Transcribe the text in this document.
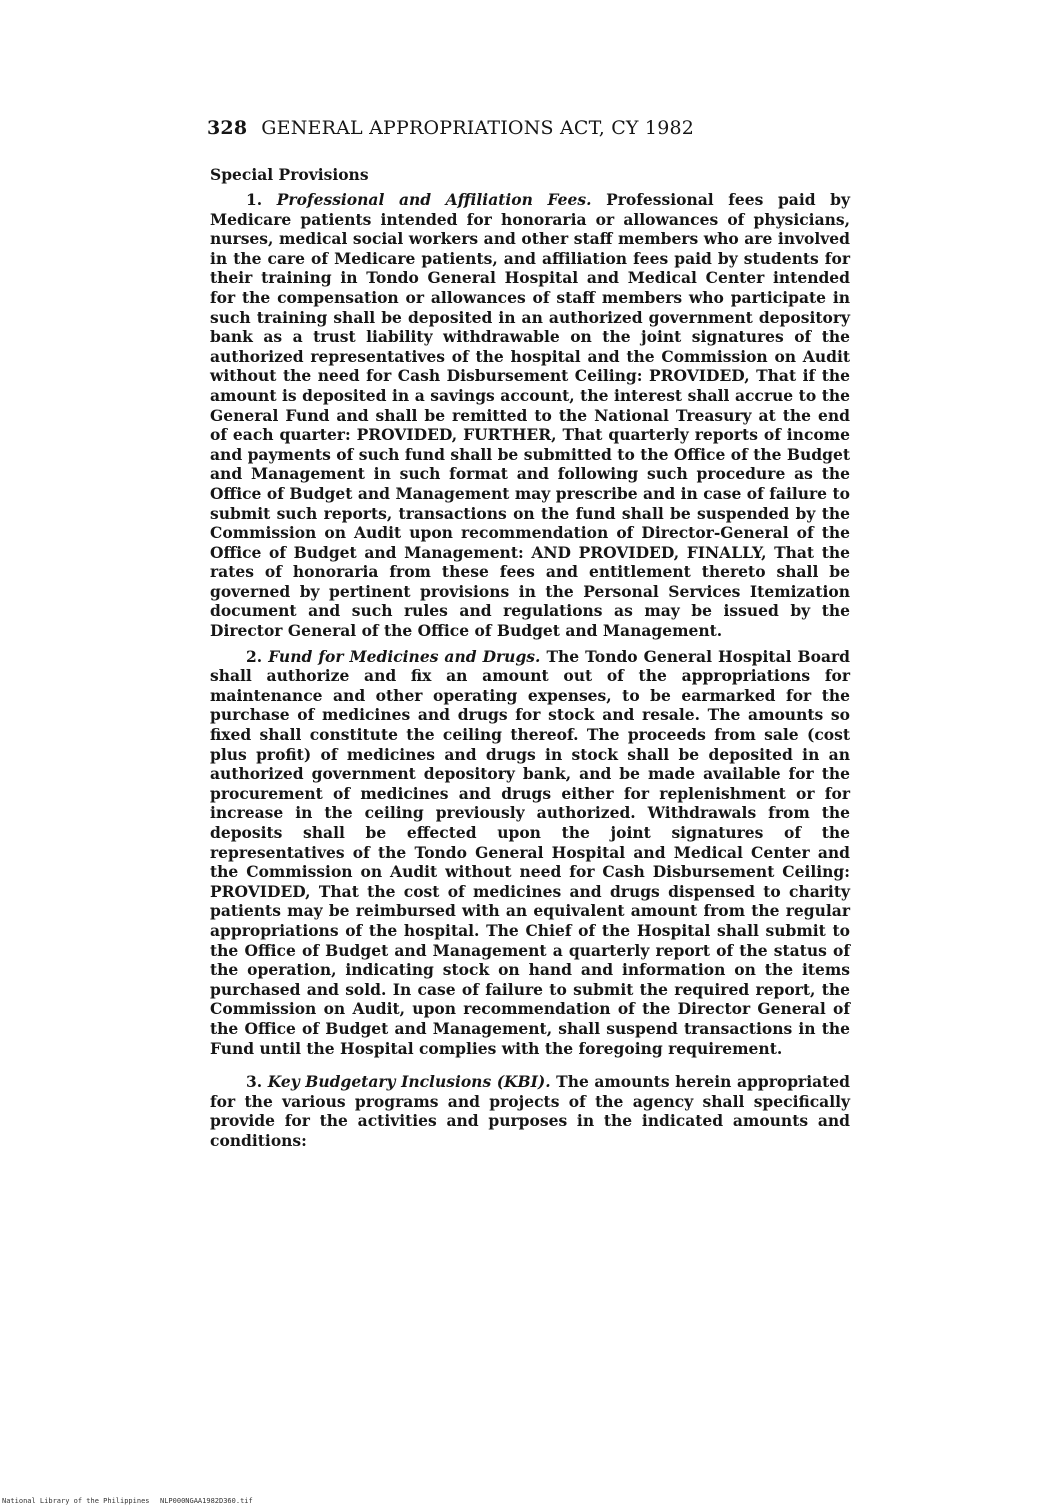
328 GENERAL APPROPRIATIONS ACT, CY 1982
Special Provisions

1. Professional and Affiliation Fees. Professional fees paid by Medicare patients intended for honoraria or allowances of physicians, nurses, medical social workers and other staff members who are involved in the care of Medicare patients, and affiliation fees paid by students for their training in Tondo General Hospital and Medical Center intended for the compensation or allowances of staff members who participate in such training shall be deposited in an authorized government depository bank as a trust liability withdrawable on the joint signatures of the authorized representatives of the hospital and the Commission on Audit without the need for Cash Disbursement Ceiling: PROVIDED, That if the amount is deposited in a savings account, the interest shall accrue to the General Fund and shall be remitted to the National Treasury at the end of each quarter: PROVIDED, FURTHER, That quarterly reports of income and payments of such fund shall be submitted to the Office of the Budget and Management in such format and following such procedure as the Office of Budget and Management may prescribe and in case of failure to submit such reports, transactions on the fund shall be suspended by the Commission on Audit upon recommendation of Director-General of the Office of Budget and Management: AND PROVIDED, FINALLY, That the rates of honoraria from these fees and entitlement thereto shall be governed by pertinent provisions in the Personal Services Itemization document and such rules and regulations as may be issued by the Director General of the Office of Budget and Management.

2. Fund for Medicines and Drugs. The Tondo General Hospital Board shall authorize and fix an amount out of the appropriations for maintenance and other operating expenses, to be earmarked for the purchase of medicines and drugs for stock and resale. The amounts so fixed shall constitute the ceiling thereof. The proceeds from sale (cost plus profit) of medicines and drugs in stock shall be deposited in an authorized government depository bank, and be made available for the procurement of medicines and drugs either for replenishment or for increase in the ceiling previously authorized. Withdrawals from the deposits shall be effected upon the joint signatures of the representatives of the Tondo General Hospital and Medical Center and the Commission on Audit without need for Cash Disbursement Ceiling: PROVIDED, That the cost of medicines and drugs dispensed to charity patients may be reimbursed with an equivalent amount from the regular appropriations of the hospital. The Chief of the Hospital shall submit to the Office of Budget and Management a quarterly report of the status of the operation, indicating stock on hand and information on the items purchased and sold. In case of failure to submit the required report, the Commission on Audit, upon recommendation of the Director General of the Office of Budget and Management, shall suspend transactions in the Fund until the Hospital complies with the foregoing requirement.

3. Key Budgetary Inclusions (KBI). The amounts herein appropriated for the various programs and projects of the agency shall specifically provide for the activities and purposes in the indicated amounts and conditions:

National Library of the Philippines NLP000NGAA1982D360.tif
